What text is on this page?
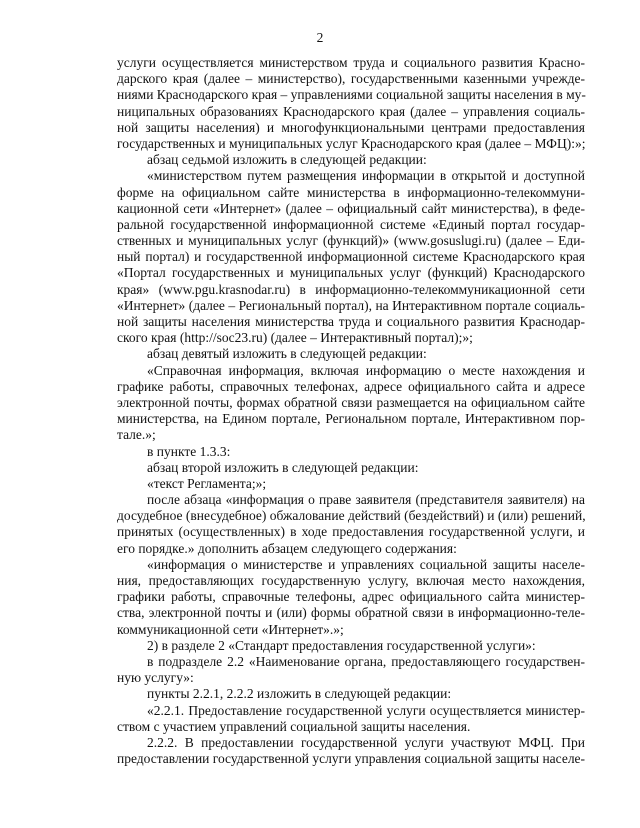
2
услуги осуществляется министерством труда и социального развития Красно-
дарского края (далее – министерство), государственными казенными учрежде-
ниями Краснодарского края – управлениями социальной защиты населения в му-
ниципальных образованиях Краснодарского края (далее – управления социаль-
ной защиты населения) и многофункциональными центрами предоставления
государственных и муниципальных услуг Краснодарского края (далее – МФЦ):»;
абзац седьмой изложить в следующей редакции:
«министерством путем размещения информации в открытой и доступной
форме на официальном сайте министерства в информационно-телекоммуни-
кационной сети «Интернет» (далее – официальный сайт министерства), в феде-
ральной государственной информационной системе «Единый портал государ-
ственных и муниципальных услуг (функций)» (www.gosuslugi.ru) (далее – Еди-
ный портал) и государственной информационной системе Краснодарского края
«Портал государственных и муниципальных услуг (функций) Краснодарского
края» (www.pgu.krasnodar.ru) в информационно-телекоммуникационной сети
«Интернет» (далее – Региональный портал), на Интерактивном портале социаль-
ной защиты населения министерства труда и социального развития Краснодар-
ского края (http://soc23.ru) (далее – Интерактивный портал);»;
абзац девятый изложить в следующей редакции:
«Справочная информация, включая информацию о месте нахождения и
графике работы, справочных телефонах, адресе официального сайта и адресе
электронной почты, формах обратной связи размещается на официальном сайте
министерства, на Едином портале, Региональном портале, Интерактивном пор-
тале.»;
в пункте 1.3.3:
абзац второй изложить в следующей редакции:
«текст Регламента;»;
после абзаца «информация о праве заявителя (представителя заявителя) на
досудебное (внесудебное) обжалование действий (бездействий) и (или) решений,
принятых (осуществленных) в ходе предоставления государственной услуги, и
его порядке.» дополнить абзацем следующего содержания:
«информация о министерстве и управлениях социальной защиты населе-
ния, предоставляющих государственную услугу, включая место нахождения,
графики работы, справочные телефоны, адрес официального сайта министер-
ства, электронной почты и (или) формы обратной связи в информационно-теле-
коммуникационной сети «Интернет».»;
2) в разделе 2 «Стандарт предоставления государственной услуги»:
в подразделе 2.2 «Наименование органа, предоставляющего государствен-
ную услугу»:
пункты 2.2.1, 2.2.2 изложить в следующей редакции:
«2.2.1. Предоставление государственной услуги осуществляется министер-
ством с участием управлений социальной защиты населения.
2.2.2. В предоставлении государственной услуги участвуют МФЦ. При
предоставлении государственной услуги управления социальной защиты населе-
